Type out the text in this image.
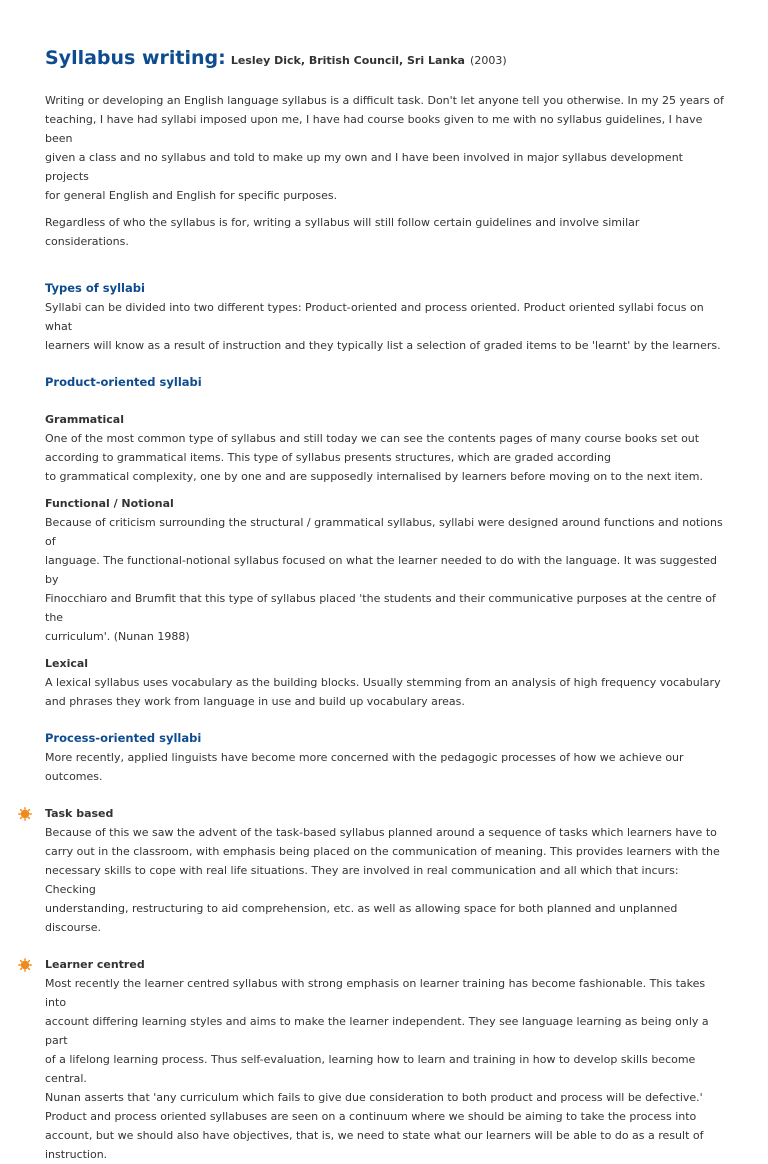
Syllabus writing: Lesley Dick, British Council, Sri Lanka (2003)

Writing or developing an English language syllabus is a difficult task. Don't let anyone tell you otherwise. In my 25 years of

teaching, I have had syllabi imposed upon me, I have had course books given to me with no syllabus guidelines, I have been

given a class and no syllabus and told to make up my own and I have been involved in major syllabus development projects

for general English and English for specific purposes.

Regardless of who the syllabus is for, writing a syllabus will still follow certain guidelines and involve similar considerations.

Types of syllabi

Syllabi can be divided into two different types: Product-oriented and process oriented. Product oriented syllabi focus on what

learners will know as a result of instruction and they typically list a selection of graded items to be 'learnt' by the learners.

Product-oriented syllabi
Grammatical

One of the most common type of syllabus and still today we can see the contents pages of many course books set out

according to grammatical items. This type of syllabus presents structures, which are graded according

to grammatical complexity, one by one and are supposedly internalised by learners before moving on to the next item.

Functional / Notional

Because of criticism surrounding the structural / grammatical syllabus, syllabi were designed around functions and notions of

language. The functional-notional syllabus focused on what the learner needed to do with the language. It was suggested by

Finocchiaro and Brumfit that this type of syllabus placed 'the students and their communicative purposes at the centre of the

curriculum'. (Nunan 1988)

Lexical

A lexical syllabus uses vocabulary as the building blocks. Usually stemming from an analysis of high frequency vocabulary

and phrases they work from language in use and build up vocabulary areas.

Process-oriented syllabi

More recently, applied linguists have become more concerned with the pedagogic processes of how we achieve our

outcomes.

Task based

Because of this we saw the advent of the task-based syllabus planned around a sequence of tasks which learners have to

carry out in the classroom, with emphasis being placed on the communication of meaning. This provides learners with the

necessary skills to cope with real life situations. They are involved in real communication and all which that incurs: Checking

understanding, restructuring to aid comprehension, etc. as well as allowing space for both planned and unplanned discourse.

Learner centred

Most recently the learner centred syllabus with strong emphasis on learner training has become fashionable. This takes into

account differing learning styles and aims to make the learner independent. They see language learning as being only a part

of a lifelong learning process. Thus self-evaluation, learning how to learn and training in how to develop skills become

central.

Nunan asserts that 'any curriculum which fails to give due consideration to both product and process will be defective.'

Product and process oriented syllabuses are seen on a continuum where we should be aiming to take the process into

account, but we should also have objectives, that is, we need to state what our learners will be able to do as a result of

instruction.
